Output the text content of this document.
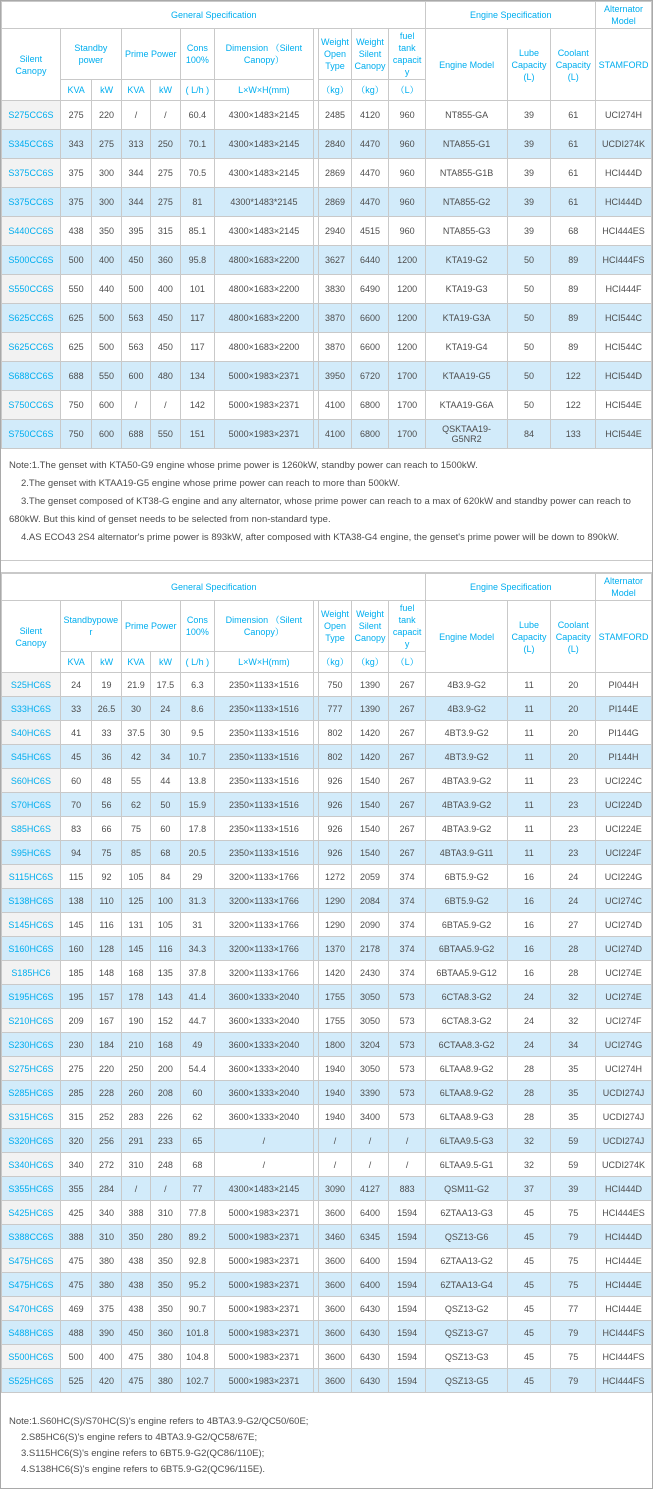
General Specification											Engine Specification			Alternator Model
Silent Canopy	Standby power		Prime Power		Cons 100%	Dimension （Silent Canopy）		Weight Open Type	Weight Silent Canopy	fuel tank capacity	Engine Model	Lube Capacity (L)	Coolant Capacity (L)	STAMFORD
	KVA	kW	KVA	kW	( L/h )	L×W×H(mm)		（kg）	（kg）	（L）				
S275CC6S	275	220	/	/	60.4	4300×1483×2145		2485	4120	960	NT855-GA	39	61	UCI274H
S345CC6S	343	275	313	250	70.1	4300×1483×2145		2840	4470	960	NTA855-G1	39	61	UCDI274K
S375CC6S	375	300	344	275	70.5	4300×1483×2145		2869	4470	960	NTA855-G1B	39	61	HCI444D
S375CC6S	375	300	344	275	81	4300*1483*2145		2869	4470	960	NTA855-G2	39	61	HCI444D
S440CC6S	438	350	395	315	85.1	4300×1483×2145		2940	4515	960	NTA855-G3	39	68	HCI444ES
S500CC6S	500	400	450	360	95.8	4800×1683×2200		3627	6440	1200	KTA19-G2	50	89	HCI444FS
S550CC6S	550	440	500	400	101	4800×1683×2200		3830	6490	1200	KTA19-G3	50	89	HCI444F
S625CC6S	625	500	563	450	117	4800×1683×2200		3870	6600	1200	KTA19-G3A	50	89	HCI544C
S625CC6S	625	500	563	450	117	4800×1683×2200		3870	6600	1200	KTA19-G4	50	89	HCI544C
S688CC6S	688	550	600	480	134	5000×1983×2371		3950	6720	1700	KTAA19-G5	50	122	HCI544D
S750CC6S	750	600	/	/	142	5000×1983×2371		4100	6800	1700	KTAA19-G6A	50	122	HCI544E
S750CC6S	750	600	688	550	151	5000×1983×2371		4100	6800	1700	QSKTAA19-G5NR2	84	133	HCI544E
Note:1.The genset with KTA50-G9 engine whose prime power is 1260kW, standby power can reach to 1500kW.
2.The genset with KTAA19-G5 engine whose prime power can reach to more than 500kW.
3.The genset composed of KT38-G engine and any alternator, whose prime power can reach to a max of 620kW and standby power can reach to 680kW. But this kind of genset needs to be selected from non-standard type.
4.AS ECO43 2S4 alternator's prime power is 893kW, after composed with KTA38-G4 engine, the genset's prime power will be down to 890kW.
General Specification											Engine Specification			Alternator Model
Silent Canopy	Standbypower		Prime Power		Cons 100%	Dimension （Silent Canopy）		Weight Open Type	Weight Silent Canopy	fuel tank capacity	Engine Model	Lube Capacity (L)	Coolant Capacity (L)	STAMFORD
	KVA	kW	KVA	kW	( L/h )	L×W×H(mm)		（kg）	（kg）	（L）				
S25HC6S	24	19	21.9	17.5	6.3	2350×1133×1516		750	1390	267	4B3.9-G2	11	20	PI044H
S33HC6S	33	26.5	30	24	8.6	2350×1133×1516		777	1390	267	4B3.9-G2	11	20	PI144E
S40HC6S	41	33	37.5	30	9.5	2350×1133×1516		802	1420	267	4BT3.9-G2	11	20	PI144G
S45HC6S	45	36	42	34	10.7	2350×1133×1516		802	1420	267	4BT3.9-G2	11	20	PI144H
S60HC6S	60	48	55	44	13.8	2350×1133×1516		926	1540	267	4BTA3.9-G2	11	23	UCI224C
S70HC6S	70	56	62	50	15.9	2350×1133×1516		926	1540	267	4BTA3.9-G2	11	23	UCI224D
S85HC6S	83	66	75	60	17.8	2350×1133×1516		926	1540	267	4BTA3.9-G2	11	23	UCI224E
S95HC6S	94	75	85	68	20.5	2350×1133×1516		926	1540	267	4BTA3.9-G11	11	23	UCI224F
S115HC6S	115	92	105	84	29	3200×1133×1766		1272	2059	374	6BT5.9-G2	16	24	UCI224G
S138HC6S	138	110	125	100	31.3	3200×1133×1766		1290	2084	374	6BT5.9-G2	16	24	UCI274C
S145HC6S	145	116	131	105	31	3200×1133×1766		1290	2090	374	6BTA5.9-G2	16	27	UCI274D
S160HC6S	160	128	145	116	34.3	3200×1133×1766		1370	2178	374	6BTAA5.9-G2	16	28	UCI274D
S185HC6	185	148	168	135	37.8	3200×1133×1766		1420	2430	374	6BTAA5.9-G12	16	28	UCI274E
S195HC6S	195	157	178	143	41.4	3600×1333×2040		1755	3050	573	6CTA8.3-G2	24	32	UCI274E
S210HC6S	209	167	190	152	44.7	3600×1333×2040		1755	3050	573	6CTA8.3-G2	24	32	UCI274F
S230HC6S	230	184	210	168	49	3600×1333×2040		1800	3204	573	6CTAA8.3-G2	24	34	UCI274G
S275HC6S	275	220	250	200	54.4	3600×1333×2040		1940	3050	573	6LTAA8.9-G2	28	35	UCI274H
S285HC6S	285	228	260	208	60	3600×1333×2040		1940	3390	573	6LTAA8.9-G2	28	35	UCDI274J
S315HC6S	315	252	283	226	62	3600×1333×2040		1940	3400	573	6LTAA8.9-G3	28	35	UCDI274J
S320HC6S	320	256	291	233	65	/		/	/	/	6LTAA9.5-G3	32	59	UCDI274J
S340HC6S	340	272	310	248	68	/		/	/	/	6LTAA9.5-G1	32	59	UCDI274K
S355HC6S	355	284	/	/	77	4300×1483×2145		3090	4127	883	QSM11-G2	37	39	HCI444D
S425HC6S	425	340	388	310	77.8	5000×1983×2371		3600	6400	1594	6ZTAA13-G3	45	75	HCI444ES
S388CC6S	388	310	350	280	89.2	5000×1983×2371		3460	6345	1594	QSZ13-G6	45	79	HCI444D
S475HC6S	475	380	438	350	92.8	5000×1983×2371		3600	6400	1594	6ZTAA13-G2	45	75	HCI444E
S475HC6S	475	380	438	350	95.2	5000×1983×2371		3600	6400	1594	6ZTAA13-G4	45	75	HCI444E
S470HC6S	469	375	438	350	90.7	5000×1983×2371		3600	6430	1594	QSZ13-G2	45	77	HCI444E
S488HC6S	488	390	450	360	101.8	5000×1983×2371		3600	6430	1594	QSZ13-G7	45	79	HCI444FS
S500HC6S	500	400	475	380	104.8	5000×1983×2371		3600	6430	1594	QSZ13-G3	45	75	HCI444FS
S525HC6S	525	420	475	380	102.7	5000×1983×2371		3600	6430	1594	QSZ13-G5	45	79	HCI444FS
Note:1.S60HC(S)/S70HC(S)'s engine refers to 4BTA3.9-G2/QC50/60E;
2.S85HC6(S)'s engine refers to 4BTA3.9-G2/QC58/67E;
3.S115HC6(S)'s engine refers to 6BT5.9-G2(QC86/110E);
4.S138HC6(S)'s engine refers to 6BT5.9-G2(QC96/115E).
